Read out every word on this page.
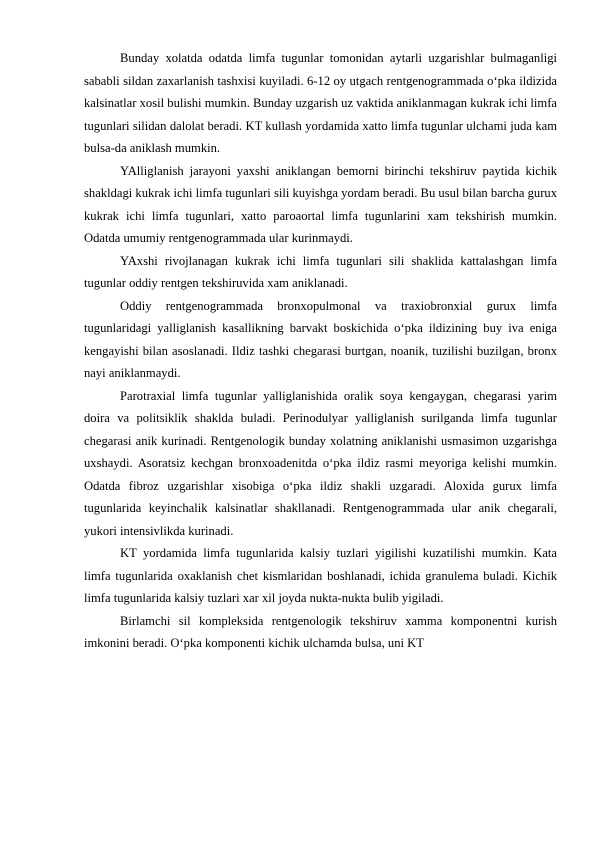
Bunday xolatda odatda limfa tugunlar tomonidan aytarli uzgarishlar bulmaganligi sababli sildan zaxarlanish tashxisi kuyiladi. 6-12 oy utgach rentgenogrammada o‘pka ildizida kalsinatlar xosil bulishi mumkin. Bunday uzgarish uz vaktida aniklanmagan kukrak ichi limfa tugunlari silidan dalolat beradi. KT kullash yordamida xatto limfa tugunlar ulchami juda kam bulsa-da aniklash mumkin.

YAlliglanish jarayoni yaxshi aniklangan bemorni birinchi tekshiruv paytida kichik shakldagi kukrak ichi limfa tugunlari sili kuyishga yordam beradi. Bu usul bilan barcha gurux kukrak ichi limfa tugunlari, xatto paroaortal limfa tugunlarini xam tekshirish mumkin. Odatda umumiy rentgenogrammada ular kurinmaydi.

YAxshi rivojlanagan kukrak ichi limfa tugunlari sili shaklida kattalashgan limfa tugunlar oddiy rentgen tekshiruvida xam aniklanadi.

Oddiy rentgenogrammada bronxopulmonal va traxiobronxial gurux limfa tugunlaridagi yalliglanish kasallikning barvakt boskichida o‘pka ildizining buy iva eniga kengayishi bilan asoslanadi. Ildiz tashki chegarasi burtgan, noanik, tuzilishi buzilgan, bronx nayi aniklanmaydi.

Parotraxial limfa tugunlar yalliglanishida oralik soya kengaygan, chegarasi yarim doira va politsiklik shaklda buladi. Perinodulyar yalliglanish surilganda limfa tugunlar chegarasi anik kurinadi. Rentgenologik bunday xolatning aniklanishi usmasimon uzgarishga uxshaydi. Asoratsiz kechgan bronxoadenitda o‘pka ildiz rasmi meyoriga kelishi mumkin. Odatda fibroz uzgarishlar xisobiga o‘pka ildiz shakli uzgaradi. Aloxida gurux limfa tugunlarida keyinchalik kalsinatlar shakllanadi. Rentgenogrammada ular anik chegarali, yukori intensivlikda kurinadi.

KT yordamida limfa tugunlarida kalsiy tuzlari yigilishi kuzatilishi mumkin. Kata limfa tugunlarida oxaklanish chet kismlaridan boshlanadi, ichida granulema buladi. Kichik limfa tugunlarida kalsiy tuzlari xar xil joyda nukta-nukta bulib yigiladi.

Birlamchi sil kompleksida rentgenologik tekshiruv xamma komponentni kurish imkonini beradi. O‘pka komponenti kichik ulchamda bulsa, uni KT
